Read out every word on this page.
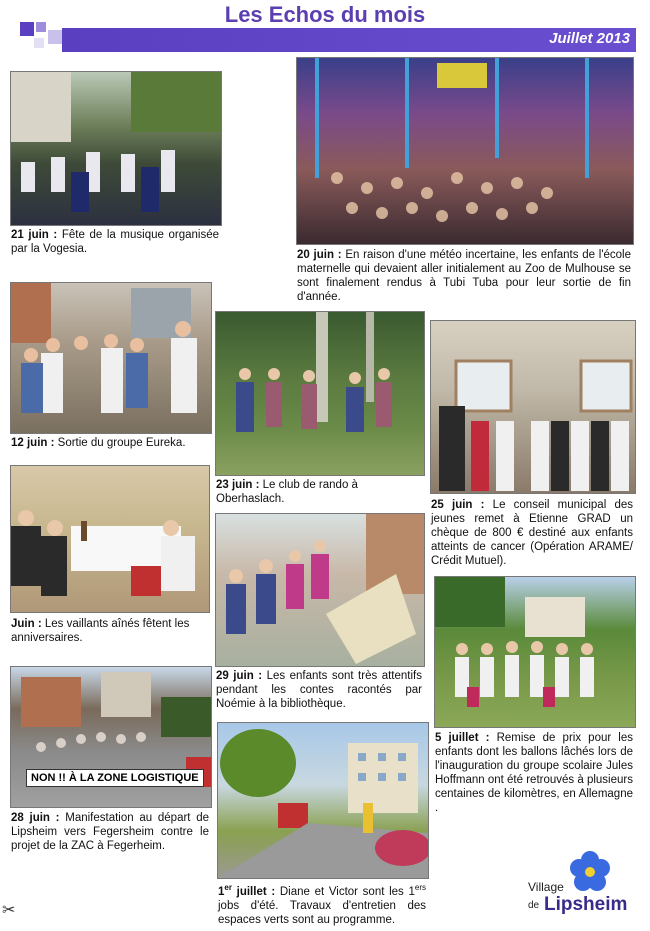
Les Echos du mois
Juillet 2013
21 juin : Fête de la musique organisée par la Vogesia.	20 juin : En raison d'une météo incertaine, les enfants de l'école maternelle qui devaient aller initialement au Zoo de Mulhouse se sont finalement rendus à Tubi Tuba pour leur sortie de fin d'année.
12 juin : Sortie du groupe Eureka.
23 juin : Le club de rando à Oberhaslach.	25 juin : Le conseil municipal des jeunes remet à Etienne GRAD un chèque de 800 € destiné aux enfants atteints de cancer (Opération ARAME/ Crédit Mutuel).
Juin : Les vaillants aînés fêtent les anniversaires.
29 juin : Les enfants sont très attentifs pendant les contes racontés par Noémie à la bibliothèque.
5 juillet : Remise de prix pour les enfants dont les ballons lâchés lors de l'inauguration du groupe scolaire Jules Hoffmann ont été retrouvés à plusieurs centaines de kilomètres, en Allemagne .
NON !! À LA ZONE LOGISTIQUE
28 juin : Manifestation au départ de Lipsheim vers Fegersheim contre le projet de la ZAC à Fegerheim.
1er juillet : Diane et Victor sont les 1ers jobs d'été. Travaux d'entretien des espaces verts sont au programme.
Village
de Lipsheim
✂
